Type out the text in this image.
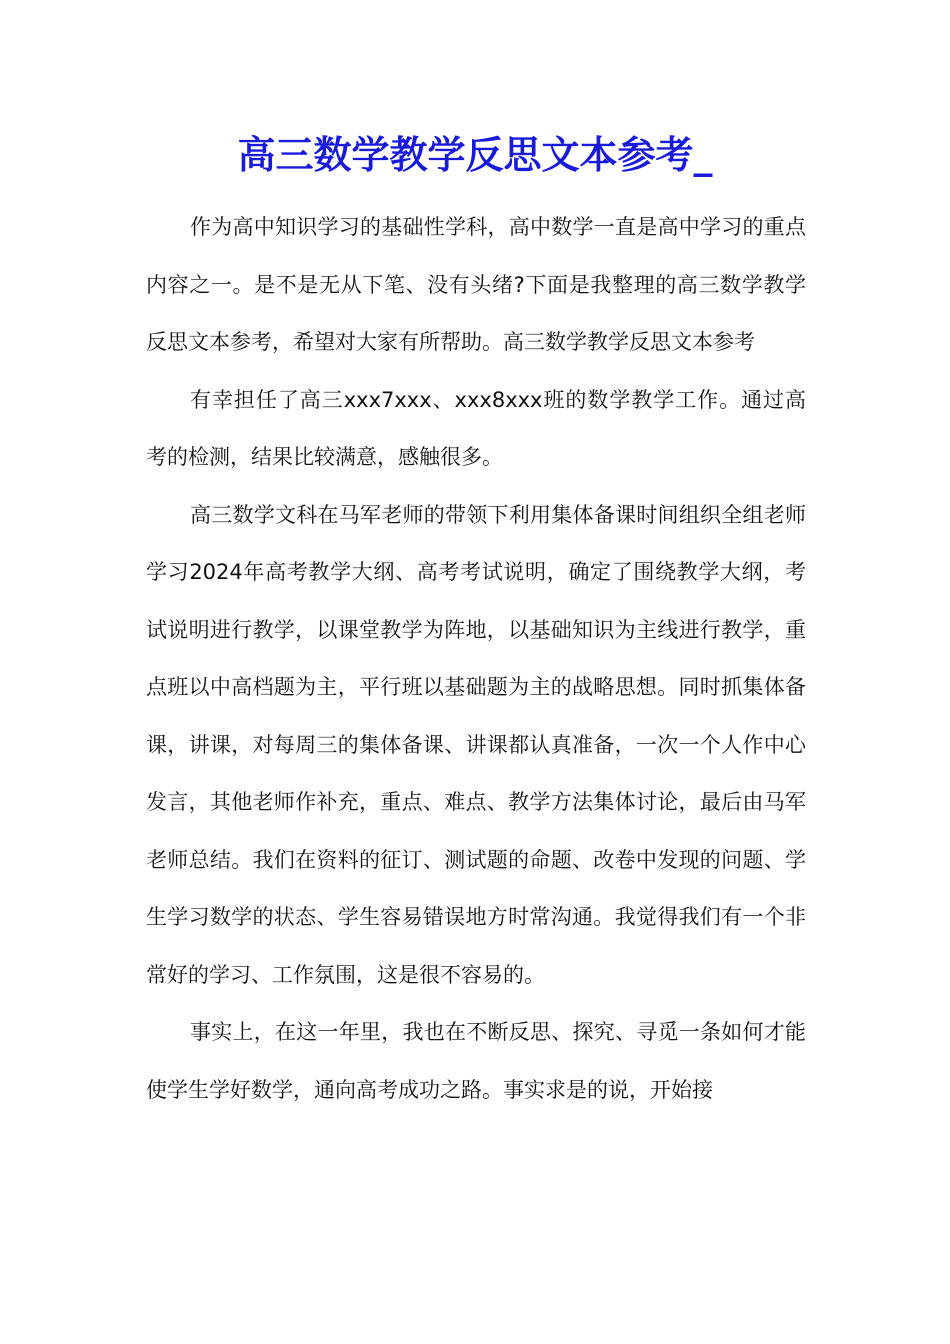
高三数学教学反思文本参考_

作为高中知识学习的基础性学科，高中数学一直是高中学习的重点内容之一。是不是无从下笔、没有头绪?下面是我整理的高三数学教学反思文本参考，希望对大家有所帮助。高三数学教学反思文本参考

有幸担任了高三xxx7xxx、xxx8xxx班的数学教学工作。通过高考的检测，结果比较满意，感触很多。

高三数学文科在马军老师的带领下利用集体备课时间组织全组老师学习2024年高考教学大纲、高考考试说明，确定了围绕教学大纲，考试说明进行教学，以课堂教学为阵地，以基础知识为主线进行教学，重点班以中高档题为主，平行班以基础题为主的战略思想。同时抓集体备课，讲课，对每周三的集体备课、讲课都认真准备，一次一个人作中心发言，其他老师作补充，重点、难点、教学方法集体讨论，最后由马军老师总结。我们在资料的征订、测试题的命题、改卷中发现的问题、学生学习数学的状态、学生容易错误地方时常沟通。我觉得我们有一个非常好的学习、工作氛围，这是很不容易的。

事实上，在这一年里，我也在不断反思、探究、寻觅一条如何才能使学生学好数学，通向高考成功之路。事实求是的说，开始接
